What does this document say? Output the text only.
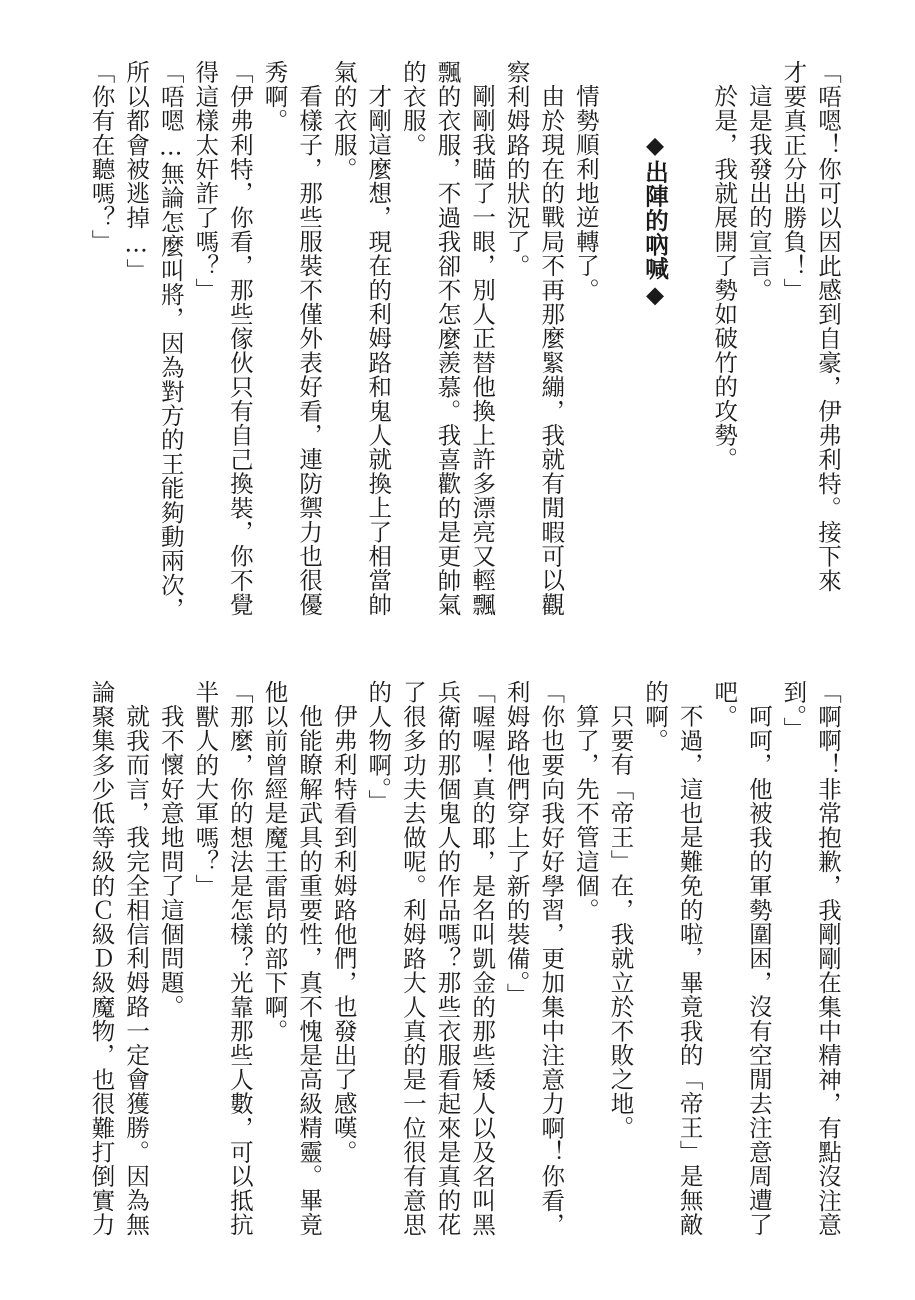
「唔嗯！你可以因此感到自豪，伊弗利特。接下來
才要真正分出勝負！」
這是我發出的宣言。
於是，我就展開了勢如破竹的攻勢。
◆出陣的吶喊◆
情勢順利地逆轉了。
由於現在的戰局不再那麼緊繃，我就有閒暇可以觀
察利姆路的狀況了。
剛剛我瞄了一眼，別人正替他換上許多漂亮又輕飄
飄的衣服，不過我卻不怎麼羨慕。我喜歡的是更帥氣
的衣服。
才剛這麼想，現在的利姆路和鬼人就換上了相當帥
氣的衣服。
看樣子，那些服裝不僅外表好看，連防禦力也很優
秀啊。
「伊弗利特，你看，那些傢伙只有自己換裝，你不覺
得這樣太奸詐了嗎？」
「唔嗯…無論怎麼叫將，因為對方的王能夠動兩次，
所以都會被逃掉…」
「你有在聽嗎？」
「啊啊！非常抱歉，我剛剛在集中精神，有點沒注意
到。」
呵呵，他被我的軍勢圍困，沒有空閒去注意周遭了
吧。
不過，這也是難免的啦，畢竟我的「帝王」是無敵
的啊。
只要有「帝王」在，我就立於不敗之地。
算了，先不管這個。
「你也要向我好好學習，更加集中注意力啊！你看，
利姆路他們穿上了新的裝備。」
「喔喔！真的耶，是名叫凱金的那些矮人以及名叫黑
兵衛的那個鬼人的作品嗎？那些衣服看起來是真的花
了很多功夫去做呢。利姆路大人真的是一位很有意思
的人物啊。」
伊弗利特看到利姆路他們，也發出了感嘆。
他能瞭解武具的重要性，真不愧是高級精靈。畢竟
他以前曾經是魔王雷昂的部下啊。
「那麼，你的想法是怎樣？光靠那些人數，可以抵抗
半獸人的大軍嗎？」
我不懷好意地問了這個問題。
就我而言，我完全相信利姆路一定會獲勝。因為無
論聚集多少低等級的Ｃ級Ｄ級魔物，也很難打倒實力
